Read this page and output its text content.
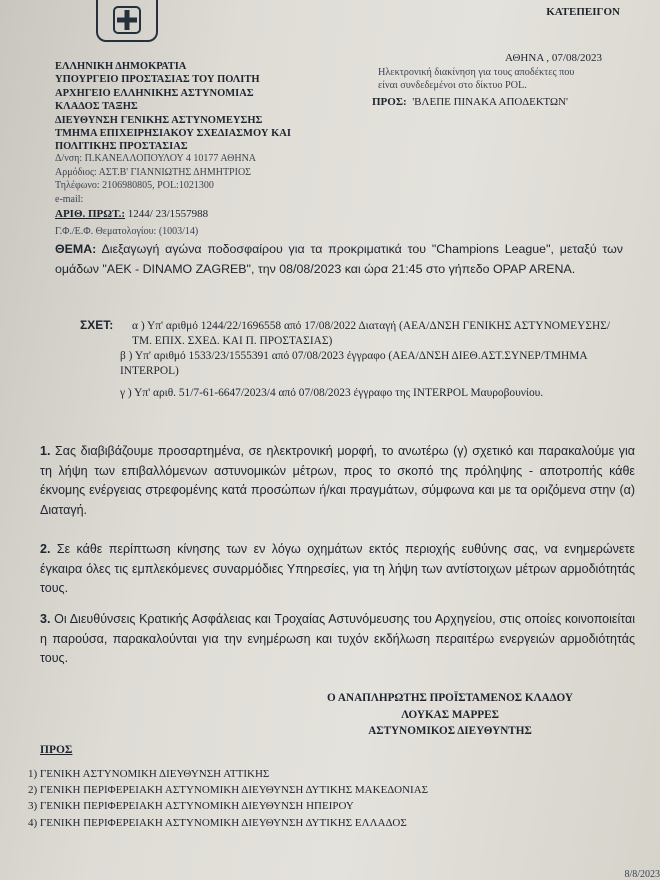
ΚΑΤΕΠΕΙΓΟΝ
ΕΛΛΗΝΙΚΗ ΔΗΜΟΚΡΑΤΙΑ
ΥΠΟΥΡΓΕΙΟ ΠΡΟΣΤΑΣΙΑΣ ΤΟΥ ΠΟΛΙΤΗ
ΑΡΧΗΓΕΙΟ ΕΛΛΗΝΙΚΗΣ ΑΣΤΥΝΟΜΙΑΣ
ΚΛΑΔΟΣ ΤΑΞΗΣ
ΔΙΕΥΘΥΝΣΗ ΓΕΝΙΚΗΣ ΑΣΤΥΝΟΜΕΥΣΗΣ
ΤΜΗΜΑ ΕΠΙΧΕΙΡΗΣΙΑΚΟΥ ΣΧΕΔΙΑΣΜΟΥ ΚΑΙ
ΠΟΛΙΤΙΚΗΣ ΠΡΟΣΤΑΣΙΑΣ
Δ/νση: Π.ΚΑΝΕΛΛΟΠΟΥΛΟΥ 4 10177 ΑΘΗΝΑ
Αρμόδιος: ΑΣΤ.Β' ΓΙΑΝΝΙΩΤΗΣ ΔΗΜΗΤΡΙΟΣ
Τηλέφωνο: 2106980805, POL:1021300
e-mail:
ΑΡΙΘ. ΠΡΩΤ.: 1244/ 23/1557988
Γ.Φ./Ε.Φ. Θεματολογίου: (1003/14)
ΑΘΗΝΑ , 07/08/2023
Ηλεκτρονική διακίνηση για τους αποδέκτες που
είναι συνδεδεμένοι στο δίκτυο POL.
ΠΡΟΣ: 'ΒΛΕΠΕ ΠΙΝΑΚΑ ΑΠΟΔΕΚΤΩΝ'
ΘΕΜΑ: Διεξαγωγή αγώνα ποδοσφαίρου για τα προκριματικά του "Champions League", μεταξύ των ομάδων "ΑΕΚ - DINAMO ZAGREB", την 08/08/2023 και ώρα 21:45 στο γήπεδο OPAP ARENA.
ΣΧΕΤ: α ) Υπ' αριθμό 1244/22/1696558 από 17/08/2022 Διαταγή (ΑΕΑ/ΔΝΣΗ ΓΕΝΙΚΗΣ ΑΣΤΥΝΟΜΕΥΣΗΣ/ΤΜ. ΕΠΙΧ. ΣΧΕΔ. ΚΑΙ Π. ΠΡΟΣΤΑΣΙΑΣ)
β ) Υπ' αριθμό 1533/23/1555391 από 07/08/2023 έγγραφο (ΑΕΑ/ΔΝΣΗ ΔΙΕΘ.ΑΣΤ.ΣΥΝΕΡ/ΤΜΗΜΑ INTERPOL)
γ ) Υπ' αριθ. 51/7-61-6647/2023/4 από 07/08/2023 έγγραφο της INTERPOL Μαυροβουνίου.
1. Σας διαβιβάζουμε προσαρτημένα, σε ηλεκτρονική μορφή, το ανωτέρω (γ) σχετικό και παρακαλούμε για τη λήψη των επιβαλλόμενων αστυνομικών μέτρων, προς το σκοπό της πρόληψης - αποτροπής κάθε έκνομης ενέργειας στρεφομένης κατά προσώπων ή/και πραγμάτων, σύμφωνα και με τα οριζόμενα στην (α) Διαταγή.
2. Σε κάθε περίπτωση κίνησης των εν λόγω οχημάτων εκτός περιοχής ευθύνης σας, να ενημερώνετε έγκαιρα όλες τις εμπλεκόμενες συναρμόδιες Υπηρεσίες, για τη λήψη των αντίστοιχων μέτρων αρμοδιότητάς τους.
3. Οι Διευθύνσεις Κρατικής Ασφάλειας και Τροχαίας Αστυνόμευσης του Αρχηγείου, στις οποίες κοινοποιείται η παρούσα, παρακαλούνται για την ενημέρωση και τυχόν εκδήλωση περαιτέρω ενεργειών αρμοδιότητάς τους.
Ο ΑΝΑΠΛΗΡΩΤΗΣ ΠΡΟΪΣΤΑΜΕΝΟΣ ΚΛΑΔΟΥ
ΛΟΥΚΑΣ ΜΑΡΡΕΣ
ΑΣΤΥΝΟΜΙΚΟΣ ΔΙΕΥΘΥΝΤΗΣ
ΠΡΟΣ
1) ΓΕΝΙΚΗ ΑΣΤΥΝΟΜΙΚΗ ΔΙΕΥΘΥΝΣΗ ΑΤΤΙΚΗΣ
2) ΓΕΝΙΚΗ ΠΕΡΙΦΕΡΕΙΑΚΗ ΑΣΤΥΝΟΜΙΚΗ ΔΙΕΥΘΥΝΣΗ ΔΥΤΙΚΗΣ ΜΑΚΕΔΟΝΙΑΣ
3) ΓΕΝΙΚΗ ΠΕΡΙΦΕΡΕΙΑΚΗ ΑΣΤΥΝΟΜΙΚΗ ΔΙΕΥΘΥΝΣΗ ΗΠΕΙΡΟΥ
4) ΓΕΝΙΚΗ ΠΕΡΙΦΕΡΕΙΑΚΗ ΑΣΤΥΝΟΜΙΚΗ ΔΙΕΥΘΥΝΣΗ ΔΥΤΙΚΗΣ ΕΛΛΑΔΟΣ
8/8/2023
